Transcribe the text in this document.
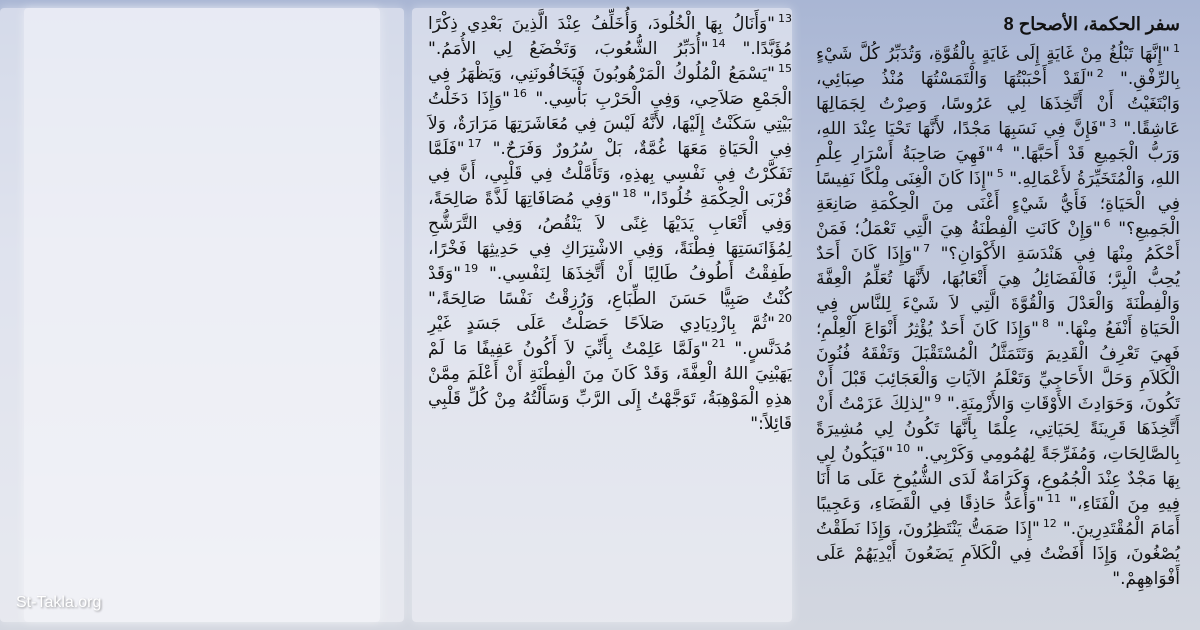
سفر الحكمة، الأصحاح 8
$^1$"إِنَّهَا تَبْلُغُ مِنْ غَايَةٍ إِلَى غَايَةٍ بِالْقُوَّةِ، وَتُدَبِّرُ كُلَّ شَيْءٍ بِالرِّفْقِ." $^2$"لَقَدْ أَحْبَبْتُهَا وَالْتَمَسْتُهَا مُنْذُ صِبَائِي، وَابْتَغَيْتُ أَنْ أَتَّخِذَهَا لِي عَرُوسًا، وَصِرْتُ لِجَمَالِهَا عَاشِقًا." $^3$"فَإِنَّ فِي نَسَبِهَا مَجْدًا، لأَنَّهَا تَحْيَا عِنْدَ اللهِ، وَرَبُّ الْجَمِيعِ قَدْ أَحَبَّهَا." $^4$"فَهِيَ صَاحِبَةُ أَسْرَارِ عِلْمِ اللهِ، وَالْمُتَخَيِّرَةُ لأَعْمَالِهِ." $^5$"إِذَا كَانَ الْغِنَى مِلْكًا نَفِيسًا فِي الْحَيَاةِ؛ فَأَيُّ شَيْءٍ أَغْنَى مِنَ الْحِكْمَةِ صَانِعَةِ الْجَمِيعِ؟" $^6$"وَإِنْ كَانَتِ الْفِطْنَةُ هِيَ الَّتِي تَعْمَلُ؛ فَمَنْ أَحْكَمُ مِنْهَا فِي هَنْدَسَةِ الأَكْوَانِ؟" $^7$"وَإِذَا كَانَ أَحَدٌ يُحِبُّ الْبِرَّ؛ فَالْفَضَائِلُ هِيَ أَتْعَابُهَا، لأَنَّهَا تُعَلِّمُ الْعِفَّةَ وَالْفِطْنَةَ وَالْعَدْلَ وَالْقُوَّةَ الَّتِي لاَ شَيْءَ لِلنَّاسِ فِي الْحَيَاةِ أَنْفَعُ مِنْهَا." $^8$"وَإِذَا كَانَ أَحَدٌ يُؤْثِرُ أَنْوَاعَ الْعِلْمِ؛ فَهِيَ تَعْرِفُ الْقَدِيمَ وَتَتَمَثَّلُ الْمُسْتَقْبَلَ وَتَفْقَهُ فُنُونَ الْكَلاَمِ وَحَلَّ الأَحَاجِيِّ وَتَعْلَمُ الآيَاتِ وَالْعَجَائِبَ قَبْلَ أَنْ تَكُونَ، وَحَوَادِثَ الأَوْقَاتِ وَالأَزْمِنَةِ." $^9$"لِذلِكَ عَزَمْتُ أَنْ أَتَّخِذَهَا قَرِينَةً لِحَيَاتِي، عِلْمًا بِأَنَّهَا تَكُونُ لِي مُشِيرَةً بِالصَّالِحَاتِ، وَمُفَرِّجَةً لِهُمُومِي وَكَرْبِي." $^{10}$"فَيَكُونُ لِي بِهَا مَجْدٌ عِنْدَ الْجُمُوعِ، وَكَرَامَةٌ لَدَى الشُّيُوخِ عَلَى مَا أَنَا فِيهِ مِنَ الْفَتَاءِ،" $^{11}$"وَأُعَدُّ حَاذِقًا فِي الْقَضَاءِ، وَعَجِيبًا أَمَامَ الْمُقْتَدِرِينَ." $^{12}$"إِذَا صَمَتُّ يَنْتَظِرُونَ، وَإِذَا نَطَقْتُ يُصْغُونَ، وَإِذَا أَفَضْتُ فِي الْكَلاَمِ يَضَعُونَ أَيْدِيَهُمْ عَلَى أَفْوَاهِهِمْ."
$^{13}$"وَأَنَالُ بِهَا الْخُلُودَ، وَأُخَلِّفُ عِنْدَ الَّذِينَ بَعْدِي ذِكْرًا مُؤَبَّدًا." $^{14}$"أُدَبِّرُ الشُّعُوبَ، وَتَخْضَعُ لِي الأُمَمُ." $^{15}$"يَسْمَعُ الْمُلُوكُ الْمَرْهُوبُونَ فَيَخَافُونَنِي، وَيَظْهَرُ فِي الْجَمْعِ صَلاَحِي، وَفِي الْحَرْبِ بَأْسِي." $^{16}$"وَإِذَا دَخَلْتُ بَيْتِي سَكَنْتُ إِلَيْهَا، لأَنَّهُ لَيْسَ فِي مُعَاشَرَتِهَا مَرَارَةٌ، وَلاَ فِي الْحَيَاةِ مَعَهَا غُمَّةٌ، بَلْ سُرُورٌ وَفَرَحٌ." $^{17}$"فَلَمَّا تَفَكَّرْتُ فِي نَفْسِي بِهذِهِ، وَتَأَمَّلْتُ فِي قَلْبِي، أَنَّ فِي قُرْبَى الْحِكْمَةِ خُلُودًا،" $^{18}$"وَفِي مُصَافَاتِهَا لَذَّةً صَالِحَةً، وَفِي أَتْعَابِ يَدَيْهَا غِنًى لاَ يَنْقُصُ، وَفِي التَّرَشُّحِ لِمُؤَانَسَتِهَا فِطْنَةً، وَفِي الاشْتِرَاكِ فِي حَدِيثِهَا فَخْرًا، طَفِقْتُ أَطُوفُ طَالِبًا أَنْ أَتَّخِذَهَا لِنَفْسِي." $^{19}$"وَقَدْ كُنْتُ صَبِيًّا حَسَنَ الطِّبَاعِ، وَرُزِقْتُ نَفْسًا صَالِحَةً،" $^{20}$"ثُمَّ بِازْدِيَادِي صَلاَحًا حَصَلْتُ عَلَى جَسَدٍ غَيْرِ مُدَنَّسٍ." $^{21}$"وَلَمَّا عَلِمْتُ بِأَنِّيَ لاَ أَكُونُ عَفِيفًا مَا لَمْ يَهَبْنِيَ اللهُ الْعِفَّةَ، وَقَدْ كَانَ مِنَ الْفِطْنَةِ أَنْ أَعْلَمَ مِمَّنْ هذِهِ الْمَوْهِبَةُ، تَوَجَّهْتُ إِلَى الرَّبِّ وَسَأَلْتُهُ مِنْ كُلِّ قَلْبِي قَائِلاً:"
St-Takla.org
